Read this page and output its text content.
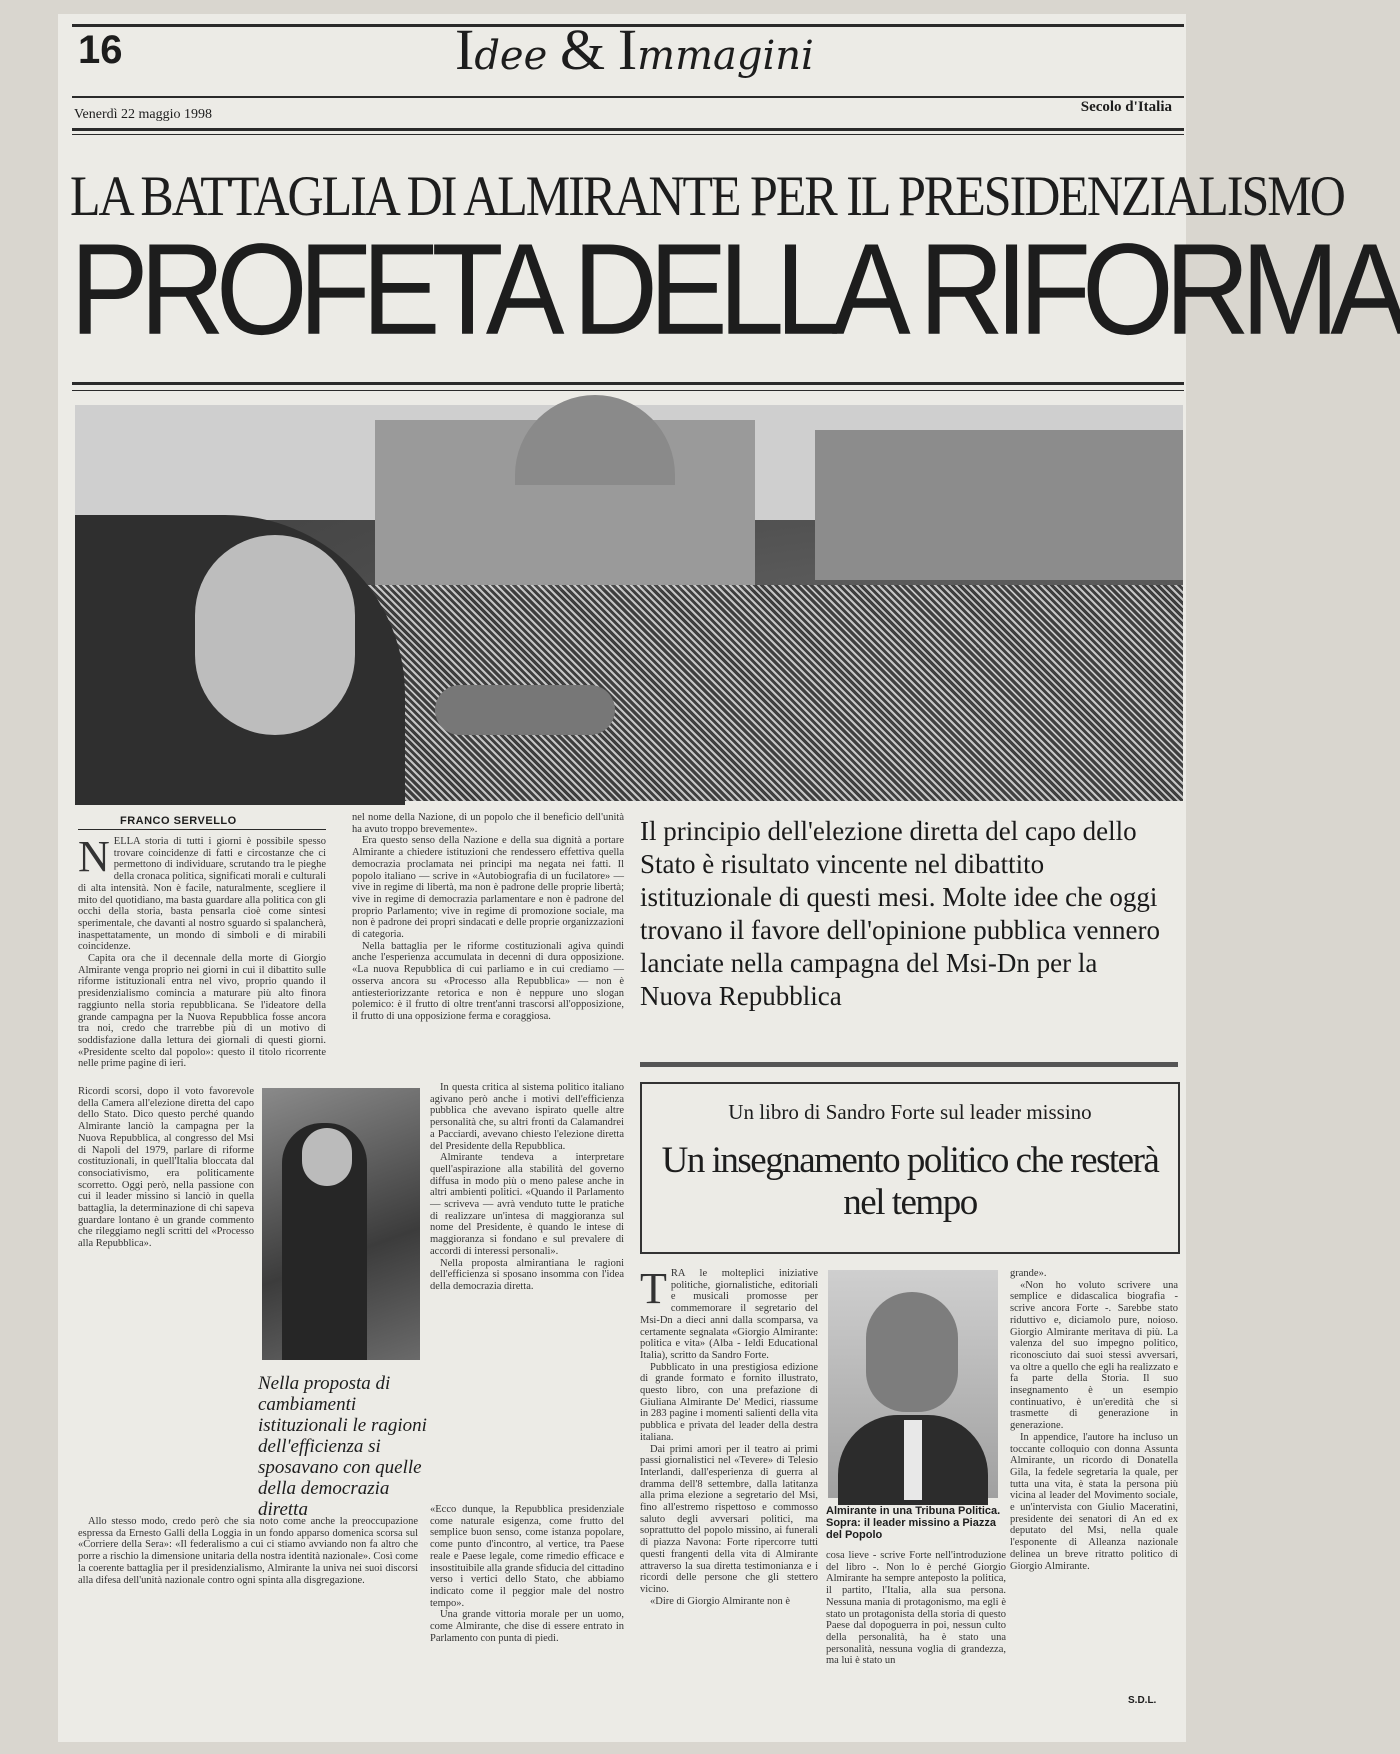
16	Idee & Immagini
Venerdì 22 maggio 1998	Secolo d'Italia
LA BATTAGLIA DI ALMIRANTE PER IL PRESIDENZIALISMO
PROFETA DELLA RIFORMA
FRANCO SERVELLO

NELLA storia di tutti i giorni è possibile spesso trovare coincidenze di fatti e circostanze che ci permettono di individuare, scrutando tra le pieghe della cronaca politica, significati morali e culturali di alta intensità. Non è facile, naturalmente, scegliere il mito del quotidiano, ma basta guardare alla politica con gli occhi della storia, basta pensarla cioè come sintesi sperimentale, che davanti al nostro sguardo si spalancherà, inaspettatamente, un mondo di simboli e di mirabili coincidenze.

Capita ora che il decennale della morte di Giorgio Almirante venga proprio nei giorni in cui il dibattito sulle riforme istituzionali entra nel vivo, proprio quando il presidenzialismo comincia a maturare più alto finora raggiunto nella storia repubblicana. Se l'ideatore della grande campagna per la Nuova Repubblica fosse ancora tra noi, credo che trarrebbe più di un motivo di soddisfazione dalla lettura dei giornali di questi giorni. «Presidente scelto dal popolo»: questo il titolo ricorrente nelle prime pagine di ieri.

Ricordi scorsi, dopo il voto favorevole della Camera all'elezione diretta del capo dello Stato. Dico questo perché quando Almirante lanciò la campagna per la Nuova Repubblica, al congresso del Msi di Napoli del 1979, parlare di riforme costituzionali, in quell'Italia bloccata dal consociativismo, era politicamente scorretto. Oggi però, nella passione con cui il leader missino si lanciò in quella battaglia, la determinazione di chi sapeva guardare lontano è un grande commento che rileggiamo negli scritti del «Processo alla Repubblica».

Allo stesso modo, credo però che sia noto come anche la preoccupazione espressa da Ernesto Galli della Loggia in un fondo apparso domenica scorsa sul «Corriere della Sera»: «Il federalismo a cui ci stiamo avviando non fa altro che porre a rischio la dimensione unitaria della nostra identità nazionale». Così come la coerente battaglia per il presidenzialismo, Almirante la univa nei suoi discorsi alla difesa dell'unità nazionale contro ogni spinta alla disgregazione.

nel nome della Nazione, di un popolo che il beneficio dell'unità ha avuto troppo brevemente».

Era questo senso della Nazione e della sua dignità a portare Almirante a chiedere istituzioni che rendessero effettiva quella democrazia proclamata nei principi ma negata nei fatti. Il popolo italiano — scrive in «Autobiografia di un fucilatore» — vive in regime di libertà, ma non è padrone delle proprie libertà; vive in regime di democrazia parlamentare e non è padrone del proprio Parlamento; vive in regime di promozione sociale, ma non è padrone dei propri sindacati e delle proprie organizzazioni di categoria.

Nella battaglia per le riforme costituzionali agiva quindi anche l'esperienza accumulata in decenni di dura opposizione. «La nuova Repubblica di cui parliamo e in cui crediamo — osserva ancora su «Processo alla Repubblica» — non è antiesteriorizzante retorica e non è neppure uno slogan polemico: è il frutto di oltre trent'anni trascorsi all'opposizione, il frutto di una opposizione ferma e coraggiosa.

In questa critica al sistema politico italiano agivano però anche i motivi dell'efficienza pubblica che avevano ispirato quelle altre personalità che, su altri fronti da Calamandrei a Pacciardi, avevano chiesto l'elezione diretta del Presidente della Repubblica.

Almirante tendeva a interpretare quell'aspirazione alla stabilità del governo diffusa in modo più o meno palese anche in altri ambienti politici. «Quando il Parlamento — scriveva — avrà venduto tutte le pratiche di realizzare un'intesa di maggioranza sul nome del Presidente, è quando le intese di maggioranza si fondano e sul prevalere di accordi di interessi personali».

Nella proposta almirantiana le ragioni dell'efficienza si sposano insomma con l'idea della democrazia diretta.

«Ecco dunque, la Repubblica presidenziale come naturale esigenza, come frutto del semplice buon senso, come istanza popolare, come punto d'incontro, al vertice, tra Paese reale e Paese legale, come rimedio efficace e insostituibile alla grande sfiducia del cittadino verso i vertici dello Stato, che abbiamo indicato come il peggior male del nostro tempo».

Una grande vittoria morale per un uomo, come Almirante, che dise di essere entrato in Parlamento con punta di piedi.

Nella proposta di cambiamenti istituzionali le ragioni dell'efficienza si sposavano con quelle della democrazia diretta
Il principio dell'elezione diretta del capo dello Stato è risultato vincente nel dibattito istituzionale di questi mesi. Molte idee che oggi trovano il favore dell'opinione pubblica vennero lanciate nella campagna del Msi-Dn per la Nuova Repubblica
Un libro di Sandro Forte sul leader missino
Un insegnamento politico che resterà nel tempo

TRA le molteplici iniziative politiche, giornalistiche, editoriali e musicali promosse per commemorare il segretario del Msi-Dn a dieci anni dalla scomparsa, va certamente segnalata «Giorgio Almirante: politica e vita» (Alba - Ieldi Educational Italia), scritto da Sandro Forte.

Pubblicato in una prestigiosa edizione di grande formato e fornito illustrato, questo libro, con una prefazione di Giuliana Almirante De' Medici, riassume in 283 pagine i momenti salienti della vita pubblica e privata del leader della destra italiana.

Dai primi amori per il teatro ai primi passi giornalistici nel «Tevere» di Telesio Interlandi, dall'esperienza di guerra al dramma dell'8 settembre, dalla latitanza alla prima elezione a segretario del Msi, fino all'estremo rispettoso e commosso saluto degli avversari politici, ma soprattutto del popolo missino, ai funerali di piazza Navona: Forte ripercorre tutti questi frangenti della vita di Almirante attraverso la sua diretta testimonianza e i ricordi delle persone che gli stettero vicino.

«Dire di Giorgio Almirante non è

Almirante in una Tribuna Politica. Sopra: il leader missino a Piazza del Popolo

cosa lieve - scrive Forte nell'introduzione del libro -. Non lo è perché Giorgio Almirante ha sempre anteposto la politica, il partito, l'Italia, alla sua persona. Nessuna mania di protagonismo, ma egli è stato un protagonista della storia di questo Paese dal dopoguerra in poi, nessun culto della personalità, ha è stato una personalità, nessuna voglia di grandezza, ma lui è stato un

grande».

«Non ho voluto scrivere una semplice e didascalica biografia - scrive ancora Forte -. Sarebbe stato riduttivo e, diciamolo pure, noioso. Giorgio Almirante meritava di più. La valenza del suo impegno politico, riconosciuto dai suoi stessi avversari, va oltre a quello che egli ha realizzato e fa parte della Storia. Il suo insegnamento è un esempio continuativo, è un'eredità che si trasmette di generazione in generazione.

In appendice, l'autore ha incluso un toccante colloquio con donna Assunta Almirante, un ricordo di Donatella Gila, la fedele segretaria la quale, per tutta una vita, è stata la persona più vicina al leader del Movimento sociale, e un'intervista con Giulio Maceratini, presidente dei senatori di An ed ex deputato del Msi, nella quale l'esponente di Alleanza nazionale delinea un breve ritratto politico di Giorgio Almirante.

S.D.L.
